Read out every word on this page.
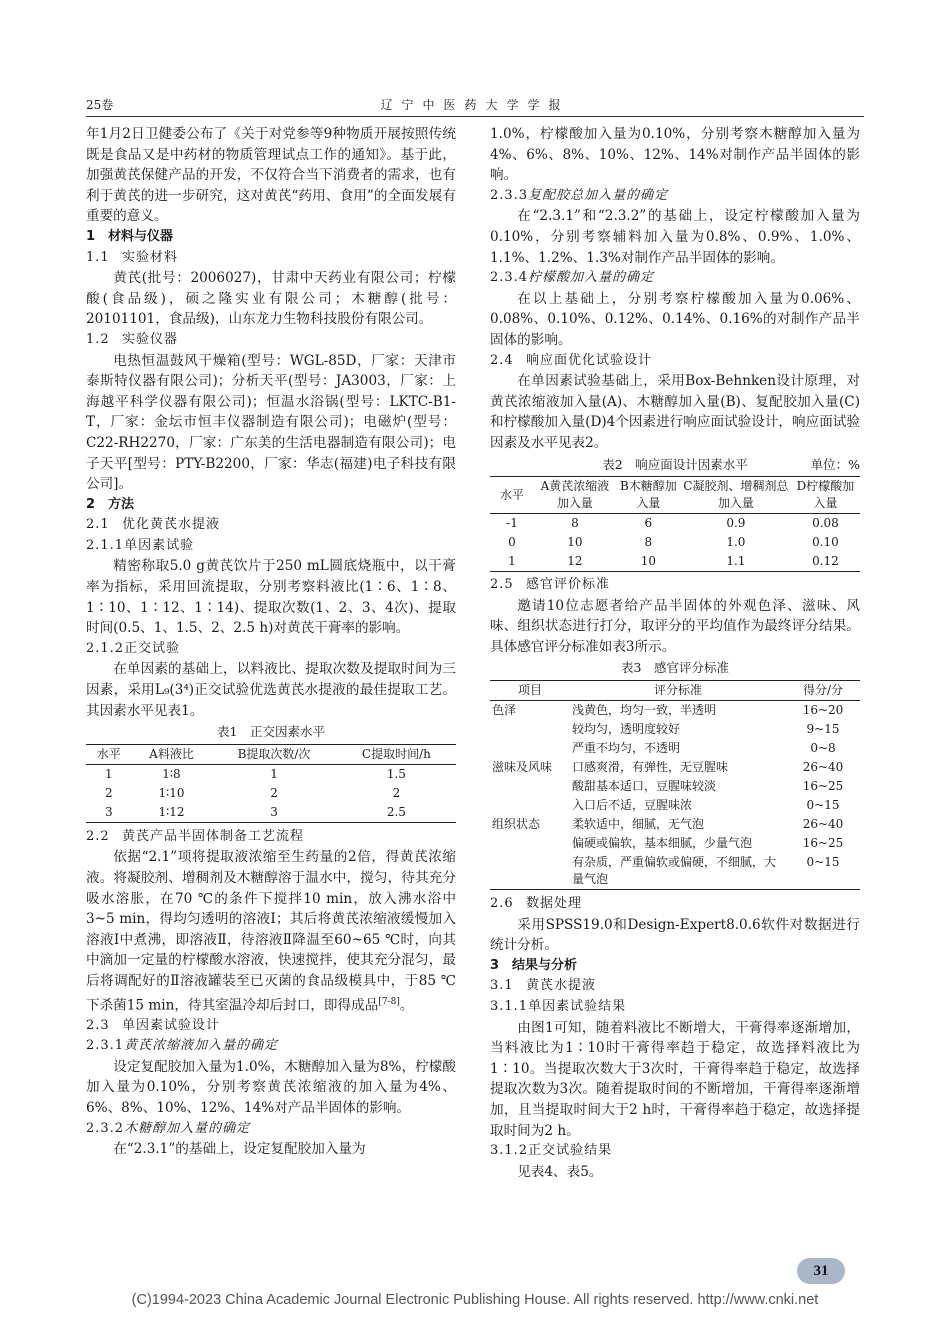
25卷	辽宁中医药大学学报

年1月2日卫健委公布了《关于对党参等9种物质开展按照传统既是食品又是中药材的物质管理试点工作的通知》。基于此，加强黄芪保健产品的开发，不仅符合当下消费者的需求，也有利于黄芪的进一步研究，这对黄芪“药用、食用”的全面发展有重要的意义。

1　材料与仪器

1.1 实验材料

黄芪(批号：2006027)，甘肃中天药业有限公司；柠檬酸(食品级)，硕之隆实业有限公司；木糖醇(批号：20101101，食品级)，山东龙力生物科技股份有限公司。

1.2 实验仪器

电热恒温鼓风干燥箱(型号：WGL-85D，厂家：天津市泰斯特仪器有限公司)；分析天平(型号：JA3003，厂家：上海越平科学仪器有限公司)；恒温水浴锅(型号：LKTC-B1-T，厂家：金坛市恒丰仪器制造有限公司)；电磁炉(型号：C22-RH2270，厂家：广东美的生活电器制造有限公司)；电子天平[型号：PTY-B2200，厂家：华志(福建)电子科技有限公司]。

2　方法

2.1 优化黄芪水提液

2.1.1单因素试验

精密称取5.0 g黄芪饮片于250 mL圆底烧瓶中，以干膏率为指标，采用回流提取，分别考察料液比(1∶6、1∶8、1∶10、1∶12、1∶14)、提取次数(1、2、3、4次)、提取时间(0.5、1、1.5、2、2.5 h)对黄芪干膏率的影响。

2.1.2正交试验

在单因素的基础上，以料液比、提取次数及提取时间为三因素，采用L₉(3⁴)正交试验优选黄芪水提液的最佳提取工艺。其因素水平见表1。

表1　正交因素水平

水平	A料液比	B提取次数/次	C提取时间/h
1	1∶8	1	1.5
2	1∶10	2	2
3	1∶12	3	2.5

2.2 黄芪产品半固体制备工艺流程

依据“2.1”项将提取液浓缩至生药量的2倍，得黄芪浓缩液。将凝胶剂、增稠剂及木糖醇溶于温水中，搅匀，待其充分吸水溶胀，在70 ℃的条件下搅拌10 min，放入沸水浴中3~5 min，得均匀透明的溶液Ⅰ；其后将黄芪浓缩液缓慢加入溶液Ⅰ中煮沸，即溶液Ⅱ，待溶液Ⅱ降温至60~65 ℃时，向其中滴加一定量的柠檬酸水溶液，快速搅拌，使其充分混匀，最后将调配好的Ⅱ溶液罐装至已灭菌的食品级模具中，于85 ℃下杀菌15 min，待其室温冷却后封口，即得成品[7-8]。

2.3 单因素试验设计

2.3.1黄芪浓缩液加入量的确定

设定复配胶加入量为1.0%，木糖醇加入量为8%，柠檬酸加入量为0.10%，分别考察黄芪浓缩液的加入量为4%、6%、8%、10%、12%、14%对产品半固体的影响。

2.3.2木糖醇加入量的确定

在“2.3.1”的基础上，设定复配胶加入量为

1.0%，柠檬酸加入量为0.10%，分别考察木糖醇加入量为4%、6%、8%、10%、12%、14%对制作产品半固体的影响。

2.3.3复配胶总加入量的确定

在“2.3.1”和“2.3.2”的基础上，设定柠檬酸加入量为0.10%，分别考察辅料加入量为0.8%、0.9%、1.0%、1.1%、1.2%、1.3%对制作产品半固体的影响。

2.3.4柠檬酸加入量的确定

在以上基础上，分别考察柠檬酸加入量为0.06%、0.08%、0.10%、0.12%、0.14%、0.16%的对制作产品半固体的影响。

2.4 响应面优化试验设计

在单因素试验基础上，采用Box-Behnken设计原理，对黄芪浓缩液加入量(A)、木糖醇加入量(B)、复配胶加入量(C)和柠檬酸加入量(D)4个因素进行响应面试验设计，响应面试验因素及水平见表2。

表2　响应面设计因素水平	单位：%

水平	A黄芪浓缩液加入量	B木糖醇加入量	C凝胶剂、增稠剂总加入量	D柠檬酸加入量
-1	8	6	0.9	0.08
0	10	8	1.0	0.10
1	12	10	1.1	0.12

2.5 感官评价标准

邀请10位志愿者给产品半固体的外观色泽、滋味、风味、组织状态进行打分，取评分的平均值作为最终评分结果。具体感官评分标准如表3所示。

表3　感官评分标准

项目	评分标准	得分/分
色泽	浅黄色，均匀一致，半透明	16~20
	较均匀，透明度较好	9~15
	严重不均匀，不透明	0~8
滋味及风味	口感爽滑，有弹性，无豆腥味	26~40
	酸甜基本适口，豆腥味较淡	16~25
	入口后不适，豆腥味浓	0~15
组织状态	柔软适中，细腻，无气泡	26~40
	偏硬或偏软，基本细腻，少量气泡	16~25
	有杂质，严重偏软或偏硬，不细腻，大量气泡	0~15

2.6 数据处理

采用SPSS19.0和Design-Expert8.0.6软件对数据进行统计分析。

3　结果与分析

3.1 黄芪水提液

3.1.1单因素试验结果

由图1可知，随着料液比不断增大，干膏得率逐渐增加，当料液比为1∶10时干膏得率趋于稳定，故选择料液比为1∶10。当提取次数大于3次时，干膏得率趋于稳定，故选择提取次数为3次。随着提取时间的不断增加，干膏得率逐渐增加，且当提取时间大于2 h时，干膏得率趋于稳定，故选择提取时间为2 h。

3.1.2正交试验结果

见表4、表5。

31
(C)1994-2023 China Academic Journal Electronic Publishing House. All rights reserved. http://www.cnki.net
